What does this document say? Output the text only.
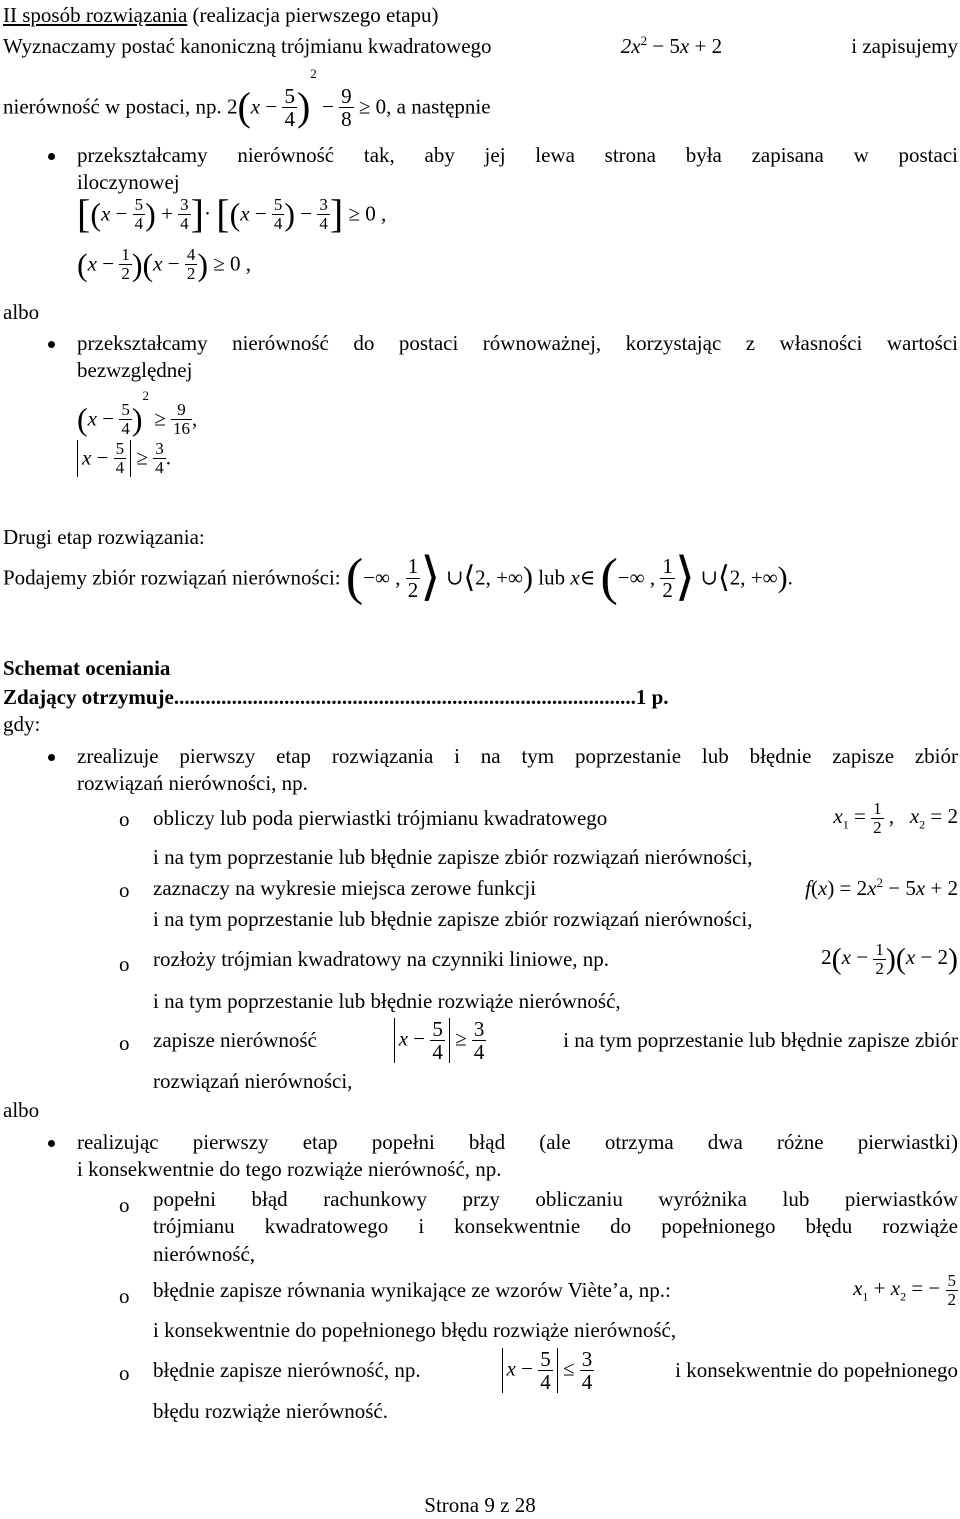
II sposób rozwiązania (realizacja pierwszego etapu)
Wyznaczamy postać kanoniczną trójmianu kwadratowego	$2x^2 - 5x + 2$	i zapisujemy
nierówność w postaci, np. $2(x - \frac{5}{4} )^2 - \frac{9}{8} \ge 0$, a następnie
przekształcamy nierówność tak, aby jej lewa strona była zapisana w postaci
iloczynowej
[($x - \frac{5}{4}$ ) + $\frac{3}{4}$ ]· [($x - \frac{5}{4}$ ) − $\frac{3}{4}$ ] ≥ 0 ,
$(x - \frac{1}{2} )(x - \frac{4}{2}$ ) ≥ 0 ,
albo
przekształcamy nierówność do postaci równoważnej, korzystając z własności wartości
bezwzględnej
$(x - \frac{5}{4} )^2 \ge \frac{9}{16}$ ,
$x - \frac{5}{4} \ge \frac{3}{4}$ .
Drugi etap rozwiązania:
Podajemy zbiór rozwiązań nierówności: (−∞ , $\frac{1}{2}$ ⟩ ∪⟨2, +∞) lub x∈ (−∞ , $\frac{1}{2}$ ⟩ ∪⟨2, +∞).
Schemat oceniania
Zdający otrzymuje........................................................................................1 p.
gdy:
zrealizuje pierwszy etap rozwiązania i na tym poprzestanie lub błędnie zapisze zbiór
rozwiązań nierówności, np.
o obliczy lub poda pierwiastki trójmianu kwadratowego	$x_1 = \frac{1}{2}$ ,   $x_2 = 2$
i na tym poprzestanie lub błędnie zapisze zbiór rozwiązań nierówności,
o zaznaczy na wykresie miejsca zerowe funkcji	$f(x) = 2x^2 - 5x + 2$
i na tym poprzestanie lub błędnie zapisze zbiór rozwiązań nierówności,
o rozłoży trójmian kwadratowy na czynniki liniowe, np.	$2(x - \frac{1}{2} )(x - 2)$
i na tym poprzestanie lub błędnie rozwiąże nierówność,
o zapisze nierówność	$x - \frac{5}{4} \ge \frac{3}{4}$	i na tym poprzestanie lub błędnie zapisze zbiór
rozwiązań nierówności,
albo
realizując pierwszy etap popełni błąd (ale otrzyma dwa różne pierwiastki)
i konsekwentnie do tego rozwiąże nierówność, np.
o popełni błąd rachunkowy przy obliczaniu wyróżnika lub pierwiastków
trójmianu kwadratowego i konsekwentnie do popełnionego błędu rozwiąże
nierówność,
o błędnie zapisze równania wynikające ze wzorów Viète’a, np.:	$x_1 + x_2$ = − $\frac{5}{2}$
i konsekwentnie do popełnionego błędu rozwiąże nierówność,
o błędnie zapisze nierówność, np.	$x - \frac{5}{4} \le \frac{3}{4}$	i konsekwentnie do popełnionego
błędu rozwiąże nierówność.
Strona 9 z 28
